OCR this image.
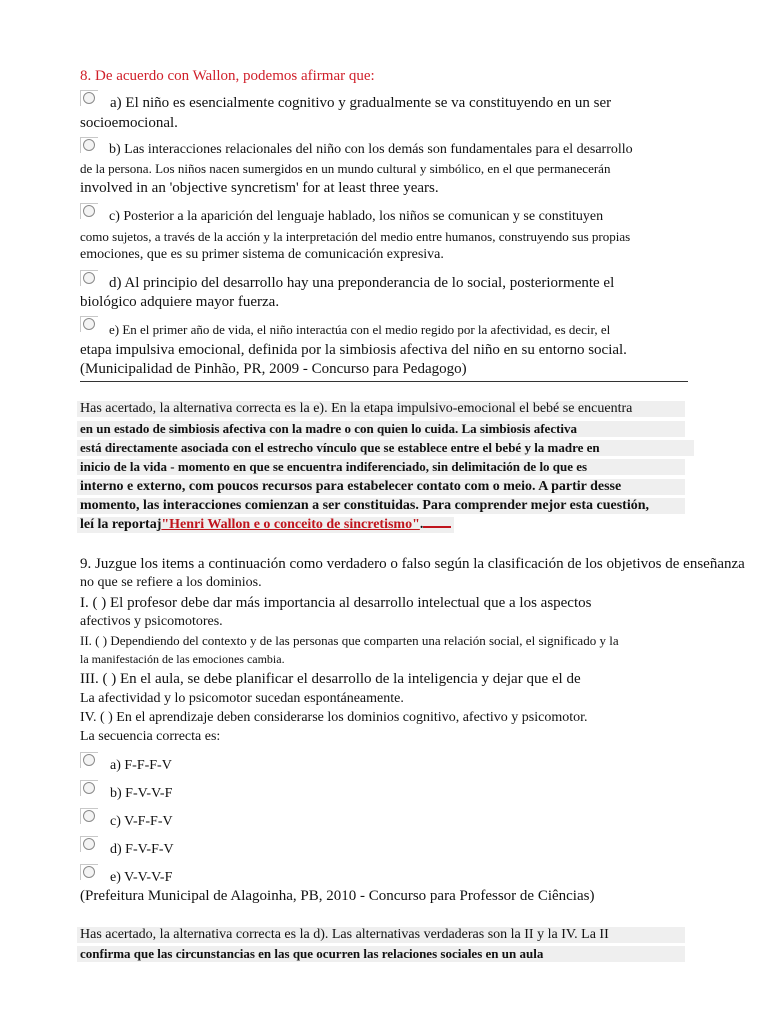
8. De acuerdo con Wallon, podemos afirmar que:
a) El niño es esencialmente cognitivo y gradualmente se va constituyendo en un ser
socioemocional.
b) Las interacciones relacionales del niño con los demás son fundamentales para el desarrollo
de la persona. Los niños nacen sumergidos en un mundo cultural y simbólico, en el que permanecerán
involved in an 'objective syncretism' for at least three years.
c) Posterior a la aparición del lenguaje hablado, los niños se comunican y se constituyen
como sujetos, a través de la acción y la interpretación del medio entre humanos, construyendo sus propias
emociones, que es su primer sistema de comunicación expresiva.
d) Al principio del desarrollo hay una preponderancia de lo social, posteriormente el
biológico adquiere mayor fuerza.
e) En el primer año de vida, el niño interactúa con el medio regido por la afectividad, es decir, el
etapa impulsiva emocional, definida por la simbiosis afectiva del niño en su entorno social.
(Municipalidad de Pinhão, PR, 2009 - Concurso para Pedagogo)
Has acertado, la alternativa correcta es la e). En la etapa impulsivo-emocional el bebé se encuentra
en un estado de simbiosis afectiva con la madre o con quien lo cuida. La simbiosis afectiva
está directamente asociada con el estrecho vínculo que se establece entre el bebé y la madre en
inicio de la vida - momento en que se encuentra indiferenciado, sin delimitación de lo que es
interno e externo, com poucos recursos para estabelecer contato com o meio. A partir desse
momento, las interacciones comienzan a ser constituidas. Para comprender mejor esta cuestión,
leí la reportaj"Henri Wallon e o conceito de sincretismo".
9. Juzgue los items a continuación como verdadero o falso según la clasificación de los objetivos de enseñanza
no que se refiere a los dominios.
I. ( ) El profesor debe dar más importancia al desarrollo intelectual que a los aspectos
afectivos y psicomotores.
II. ( ) Dependiendo del contexto y de las personas que comparten una relación social, el significado y la
la manifestación de las emociones cambia.
III. ( ) En el aula, se debe planificar el desarrollo de la inteligencia y dejar que el de
La afectividad y lo psicomotor sucedan espontáneamente.
IV. ( ) En el aprendizaje deben considerarse los dominios cognitivo, afectivo y psicomotor.
La secuencia correcta es:
a) F-F-F-V
b) F-V-V-F
c) V-F-F-V
d) F-V-F-V
e) V-V-V-F
(Prefeitura Municipal de Alagoinha, PB, 2010 - Concurso para Professor de Ciências)
Has acertado, la alternativa correcta es la d). Las alternativas verdaderas son la II y la IV. La II
confirma que las circunstancias en las que ocurren las relaciones sociales en un aula
